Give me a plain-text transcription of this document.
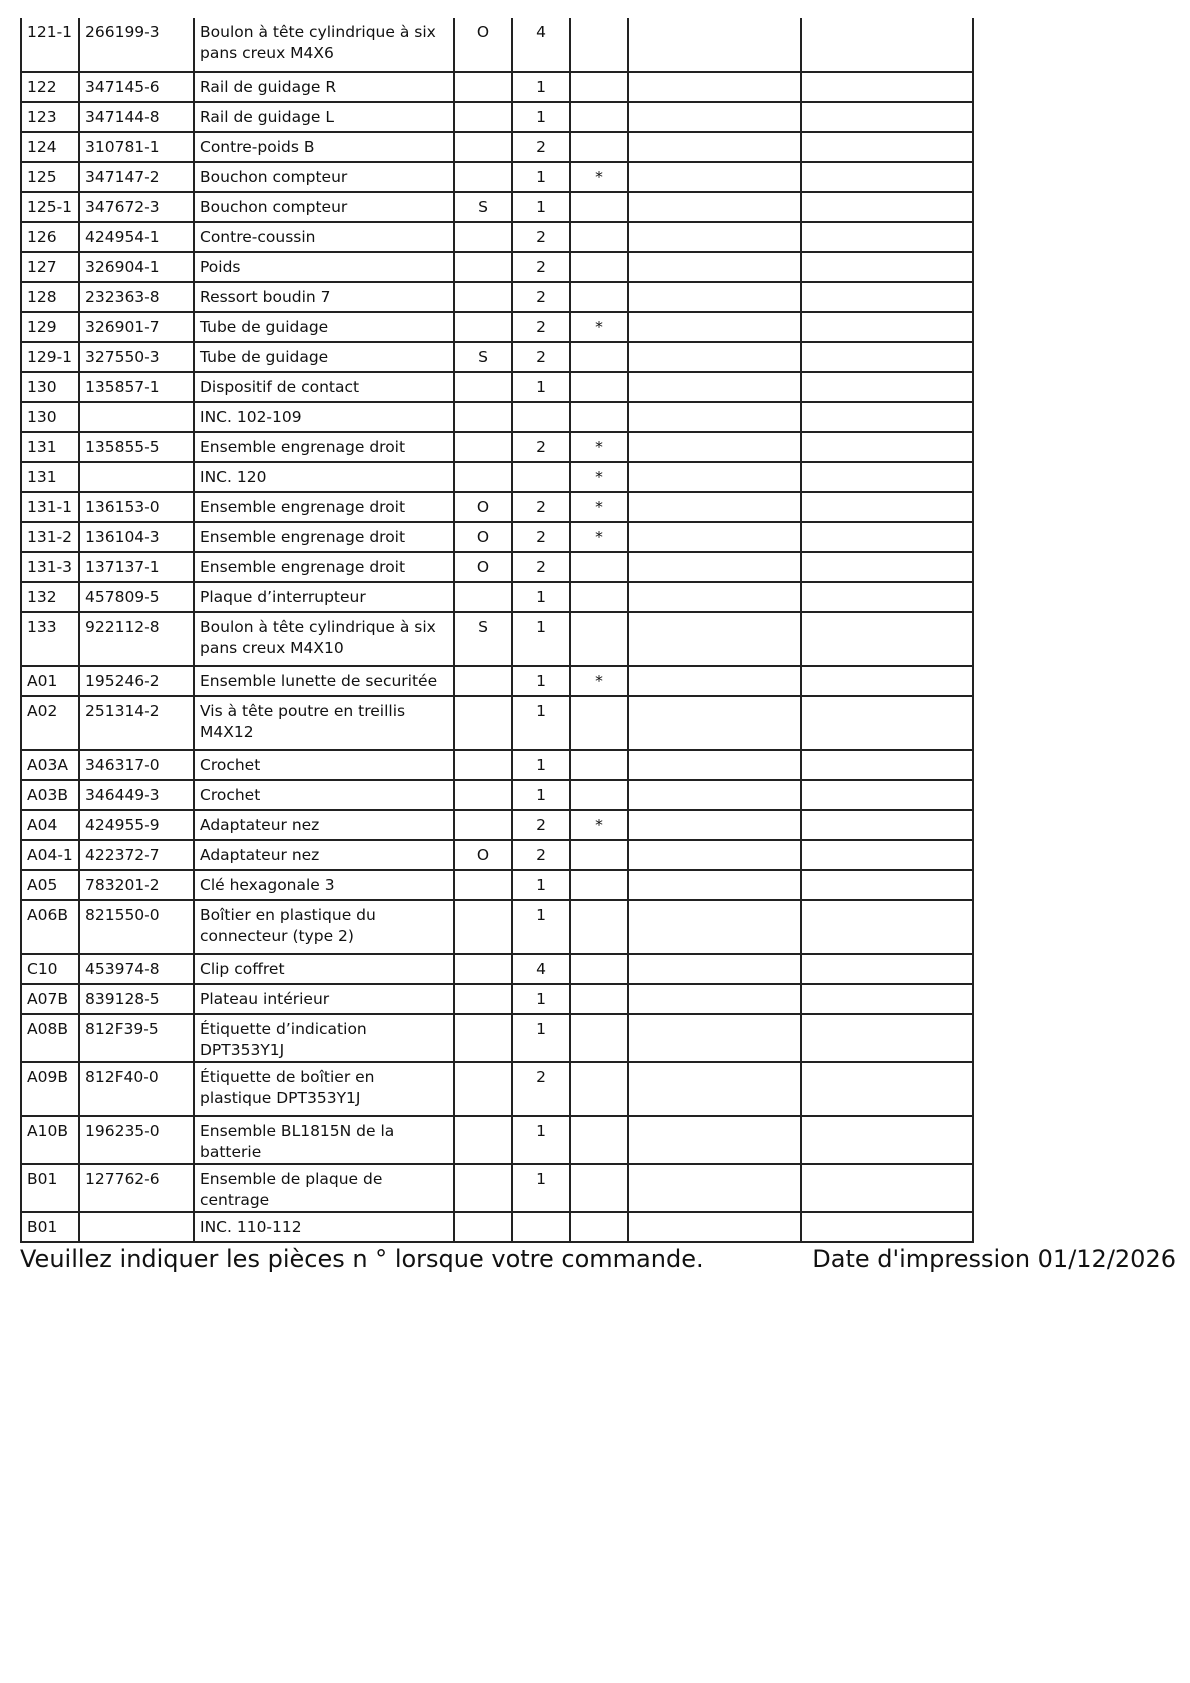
121-1	266199-3	Boulon à tête cylindrique à six pans creux M4X6	O	4			
122	347145-6	Rail de guidage R		1			
123	347144-8	Rail de guidage L		1			
124	310781-1	Contre-poids B		2			
125	347147-2	Bouchon compteur		1	*		
125-1	347672-3	Bouchon compteur	S	1			
126	424954-1	Contre-coussin		2			
127	326904-1	Poids		2			
128	232363-8	Ressort boudin 7		2			
129	326901-7	Tube de guidage		2	*		
129-1	327550-3	Tube de guidage	S	2			
130	135857-1	Dispositif de contact		1			
130		INC. 102-109					
131	135855-5	Ensemble engrenage droit		2	*		
131		INC. 120			*		
131-1	136153-0	Ensemble engrenage droit	O	2	*		
131-2	136104-3	Ensemble engrenage droit	O	2	*		
131-3	137137-1	Ensemble engrenage droit	O	2			
132	457809-5	Plaque d’interrupteur		1			
133	922112-8	Boulon à tête cylindrique à six pans creux M4X10	S	1			
A01	195246-2	Ensemble lunette de securitée		1	*		
A02	251314-2	Vis à tête poutre en treillis M4X12		1			
A03A	346317-0	Crochet		1			
A03B	346449-3	Crochet		1			
A04	424955-9	Adaptateur nez		2	*		
A04-1	422372-7	Adaptateur nez	O	2			
A05	783201-2	Clé hexagonale 3		1			
A06B	821550-0	Boîtier en plastique du connecteur (type 2)		1			
C10	453974-8	Clip coffret		4			
A07B	839128-5	Plateau intérieur		1			
A08B	812F39-5	Étiquette d’indication DPT353Y1J		1			
A09B	812F40-0	Étiquette de boîtier en plastique DPT353Y1J		2			
A10B	196235-0	Ensemble BL1815N de la batterie		1			
B01	127762-6	Ensemble de plaque de centrage		1			
B01		INC. 110-112					
Veuillez indiquer les pièces n ° lorsque votre commande.	Date d'impression 01/12/2026
